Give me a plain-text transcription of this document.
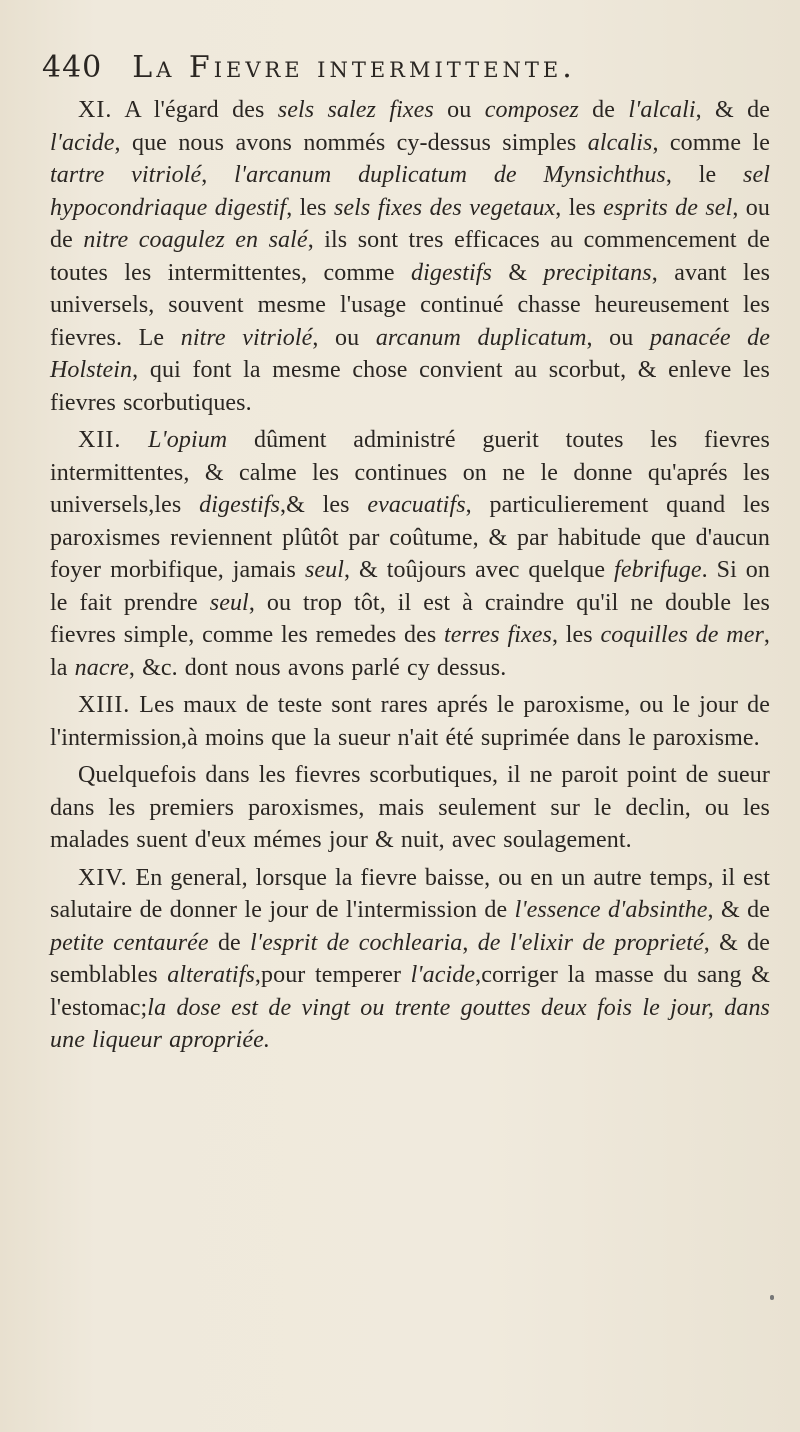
440 La Fievre intermittente.

XI. A l'égard des sels salez fixes ou composez de l'alcali, & de l'acide, que nous avons nommés cy-dessus simples alcalis, comme le tartre vitriolé, l'arcanum duplicatum de Mynsichthus, le sel hypocondriaque digestif, les sels fixes des vegetaux, les esprits de sel, ou de nitre coagulez en salé, ils sont tres efficaces au commencement de toutes les intermittentes, comme digestifs & precipitans, avant les universels, souvent mesme l'usage continué chasse heureusement les fievres. Le nitre vitriolé, ou arcanum duplicatum, ou panacée de Holstein, qui font la mesme chose convient au scorbut, & enleve les fievres scorbutiques.

XII. L'opium dûment administré guerit toutes les fievres intermittentes, & calme les continues on ne le donne qu'aprés les universels,les digestifs,& les evacuatifs, particulierement quand les paroxismes reviennent plûtôt par coûtume, & par habitude que d'aucun foyer morbifique, jamais seul, & toûjours avec quelque febrifuge. Si on le fait prendre seul, ou trop tôt, il est à craindre qu'il ne double les fievres simple, comme les remedes des terres fixes, les coquilles de mer, la nacre, &c. dont nous avons parlé cy dessus.

XIII. Les maux de teste sont rares aprés le paroxisme, ou le jour de l'intermission,à moins que la sueur n'ait été suprimée dans le paroxisme.

Quelquefois dans les fievres scorbutiques, il ne paroit point de sueur dans les premiers paroxismes, mais seulement sur le declin, ou les malades suent d'eux mémes jour & nuit, avec soulagement.

XIV. En general, lorsque la fievre baisse, ou en un autre temps, il est salutaire de donner le jour de l'intermission de l'essence d'absinthe, & de petite centaurée de l'esprit de cochlearia, de l'elixir de proprieté, & de semblables alteratifs,pour temperer l'acide,corriger la masse du sang & l'estomac;la dose est de vingt ou trente gouttes deux fois le jour, dans une liqueur apropriée.
